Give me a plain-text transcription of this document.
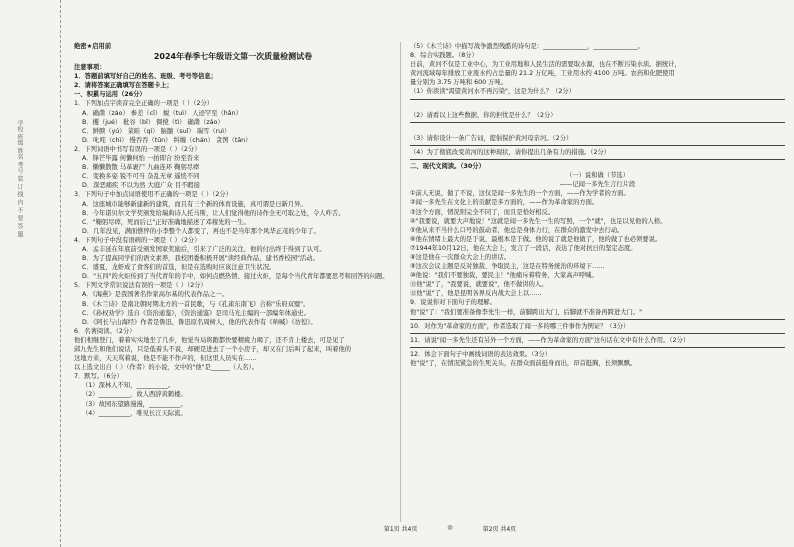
学校 班级 姓名 考号 装 订 线 内 不 要 答 题
绝密★启用前
2024年春季七年级语文第一次质量检测试卷
注意事项：
1．答题前填写好自己的姓名、班级、考号等信息；
2．请将答案正确填写在答题卡上；
一、积累与运用（26分）
1．下列加点字读音完全正确的一项是（ ）（2分）
A．确凿（záo） 参差（cī） 蜕（tuì） 人迹罕至（hǎn）
B．攫（jué） 秕谷（bǐ） 倜傥（tì） 确凿（záo）
C．鲜腴（yú） 菜畦（qí） 脑髓（suǐ） 瑞雪（ruì）
D．叱咤（chì） 慢吞吞（tūn） 纠缠（chán） 贪图（tān）
2．下列词语中书写有误的一项是（ ）（2分）
A．锋芒毕露 何懒何怡 一拍即合 纷至沓来
B．懒懒散散 马革裹尸 九曲连环 鞠躬尽瘁
C．变换多姿 锐不可当 杂乱无章 遥恍不同
D．深恶痛疾 不以为然 大庭广众 目不暇接
3．下列句子中加点词语使用不正确的一项是（ ）（2分）
A．这座城市能够新建新的建筑，而且有三个新的体育设施，真可谓是日新月异。
B．今年诺贝尔文学奖颁发给瑞典诗人托马斯，让人们觉得他的诗作全无可取之处，令人咋舌。
C．"鞠躬尽瘁，死而后已"正好准确地描述了邓稼先的一生。
D．几年没见，满面憔悴的小李整个人都变了，再也不是当年那个风华正茂的少年了。
4．下列句子中没有语病的一项是（ ）（2分）
A．孟丰延在年底前受颁发国家奖励后，引来了广泛的关注，他的付出终于得到了认可。
B．为了提高同学们的语文素养，我校团委积极开展"读经典作品，建书香校园"活动。
C．盛夏，龙虾成了食客们的首选，但是在选购时应该注意卫生状况。
D．"五四"的火炬传到了当代青年的手中，如何点燃热情、接过火炬，是每个当代青年都要思考和回答的问题。
5．下列文学常识说法有误的一项是（ ）（2分）
A．《海燕》是我国著名作家高尔基的代表作品之一。
B．《木兰诗》是南北朝时期北方的一首民歌，与《孔雀东南飞》合称"乐府双璧"。
C．《孙权劝学》选自《资治通鉴》，《资治通鉴》是司马光主编的一部编年体通史。
D．《阿长与山海经》作者是鲁迅，鲁迅原名周树人，他的代表作有《呐喊》《彷徨》。
6．名著阅读。（2分）
他们相继登门，着着实实地坐了几步，他觉当局将跑都快要精疲力竭了，还不肯上楼去，可是见了
邱九先生和他们说话，只是低着头不说，却硬是进去了一个小房子，却又在门后叫了起来，叫着他的
这地方来，天天骂着说，他是不能不作声的，但这里人员实在……
以上选文出自（ ）（作者）的小说，文中的"他"是______（人名）。
7．默写。（6分）
（1）深林人不知，__________。
（2）__________，故人西辞黄鹤楼。
（3）故园东望路漫漫，__________。
（4）__________，唯见长江天际流。
（5）《木兰诗》中描写战争激烈残酷的诗句是：______________，______________。
8．综合实践题。（8分）
日前，黄河不仅是工业中心，为工业用地和人民生活的需要取水源，也在不断污染水质。据统计，
黄河流域每年排放工业废水约占总量的 21.2 万亿吨，工业用水约 4100 万吨。农药和化肥使用
量分别为 3.75 万吨和 600 万吨。
（1）你读读"渴望黄河水不再污染"，这是为什么？（2分）
（2）请看以上这些数据，你的担忧是什么？（2分）
（3）请你设计一条广告词，提倡保护黄河母亲河。（2分）
（4）为了彻底改变黄河的这种现状，请你提出几条有力的措施。（2分）
二、现代文阅读。（30分）
（一）说和做（节选）
——记闻一多先生言行片段
①前人无说，做了不说，这仅是闻一多先生的一个方面，——作为学者的方面。
②闻一多先生在文化上的贡献是多方面的，——作为革命家的方面。
③这个方面，情况则完全不同了，而且是恰好相反。
④"我要说，就要大声地说！"这就是闻一多先生一生的写照，一个"就"，也足以见他的人格。
⑤他从来不当什么口号的鼓动者，他总是身体力行，在群众的激发中去行动。
⑥他在情绪上最大的是于说，最根本是于做。他的说了就是他做了，他的做了也必须要说。
⑦1944年10月12日，他在大会上，发言了一段话，表达了他对抗日的坚定态度。
⑧这是他在一次群众大会上的讲话。
⑨这次会议主题是反对独裁、争取民主，这是在特务统治的环境下……
⑩他说："我们不要独裁，要民主！"他痛斥着特务，大家高声呼喊。
⑪他"说"了，"我要说，就要说"，他不做讲的人。
⑫他"说"了，他是昆明各界反内战大会上以……
9．说说你对下面句子的理解。
他"说"了："我们要准备像李先生一样，前脚跨出大门，后脚就不准备再跨进大门。"
10．对作为"革命家的方面"，作者选取了闻一多的哪三件事作为例证？（3分）
11．请说"闻一多先生还有另外一个方面，——作为革命家的方面"这句话在文中有什么作用。（2分）
12．体会下面句子中画线词语的表达效果。（3分）
他"说"了，在情况紧急的生死关头，在群众面前挺身而出，昂首挺胸，长须飘飘。
第1页 共4页	◎	第2页 共4页
